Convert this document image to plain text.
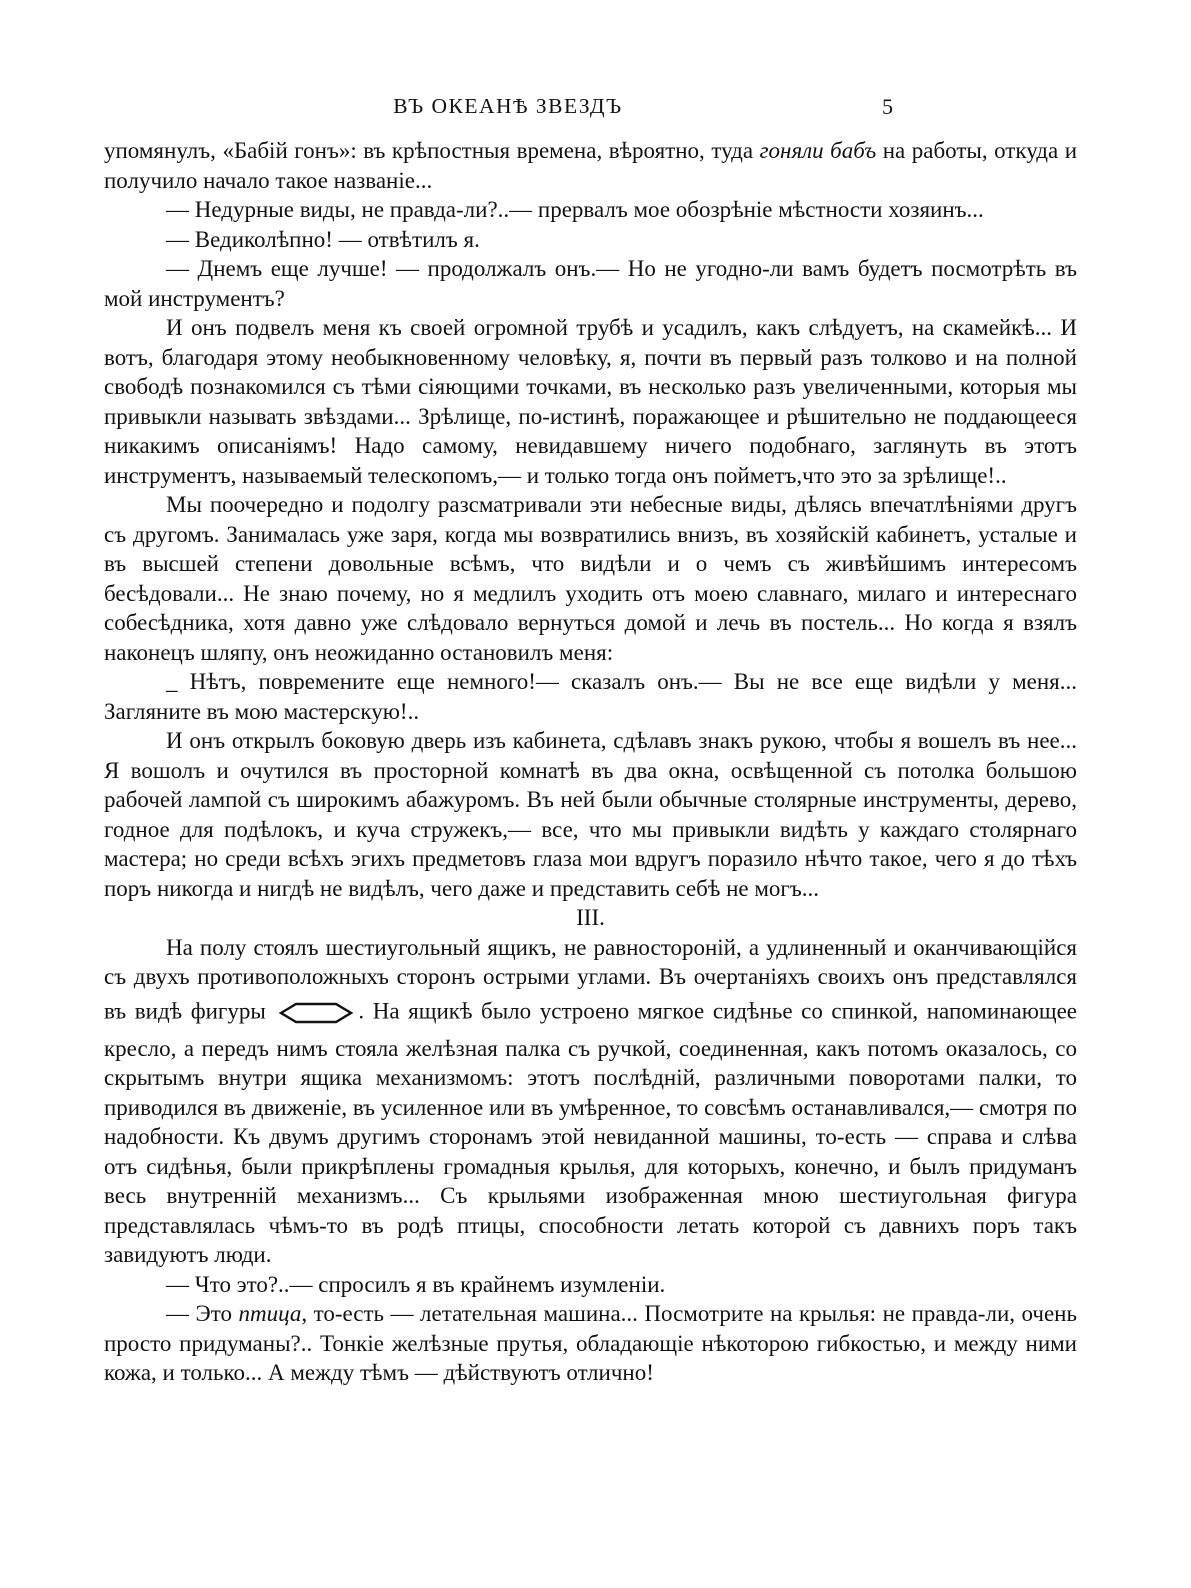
ВЪ ОКЕАНѢ ЗВЕЗДЪ	5

упомянулъ, «Бабій гонъ»: въ крѣпостныя времена, вѣроятно, туда гоняли бабъ на работы, откуда и получило начало такое названіе...

— Недурные виды, не правда-ли?..— прервалъ мое обозрѣніе мѣстности хозяинъ...

— Ведиколѣпно! — отвѣтилъ я.

— Днемъ еще лучше! — продолжалъ онъ.— Но не угодно-ли вамъ будетъ посмотрѣть въ мой инструментъ?

И онъ подвелъ меня къ своей огромной трубѣ и усадилъ, какъ слѣдуетъ, на скамейкѣ... И вотъ, благодаря этому необыкновенному человѣку, я, почти въ первый разъ толково и на полной свободѣ познакомился съ тѣми сіяющими точками, въ несколько разъ увеличенными, которыя мы привыкли называть звѣздами... Зрѣлище, по-истинѣ, поражающее и рѣшительно не поддающееся никакимъ описаніямъ! Надо самому, невидавшему ничего подобнаго, заглянуть въ этотъ инструментъ, называемый телескопомъ,— и только тогда онъ пойметъ,что это за зрѣлище!..

Мы поочередно и подолгу разсматривали эти небесные виды, дѣлясь впечатлѣніями другъ съ другомъ. Занималась уже заря, когда мы возвратились внизъ, въ хозяйскій кабинетъ, усталые и въ высшей степени довольные всѣмъ, что видѣли и о чемъ съ живѣйшимъ интересомъ бесѣдовали... Не знаю почему, но я медлилъ уходить отъ моею славнаго, милаго и интереснаго собесѣдника, хотя давно уже слѣдовало вернуться домой и лечь въ постель... Но когда я взялъ наконецъ шляпу, онъ неожиданно остановилъ меня:

_ Нѣтъ, повремените еще немного!— сказалъ онъ.— Вы не все еще видѣли у меня... Загляните въ мою мастерскую!..

И онъ открылъ боковую дверь изъ кабинета, сдѣлавъ знакъ рукою, чтобы я вошелъ въ нее... Я вошолъ и очутился въ просторной комнатѣ въ два окна, освѣщенной съ потолка большою рабочей лампой съ широкимъ абажуромъ. Въ ней были обычные столярные инструменты, дерево, годное для подѣлокъ, и куча стружекъ,— все, что мы привыкли видѣть у каждаго столярнаго мастера; но среди всѣхъ эгихъ предметовъ глаза мои вдругъ поразило нѣчто такое, чего я до тѣхъ поръ никогда и нигдѣ не видѣлъ, чего даже и представить себѣ не могъ...

III.

На полу стоялъ шестиугольный ящикъ, не равностороній, а удлиненный и оканчивающійся съ двухъ противоположныхъ сторонъ острыми углами. Въ очертаніяхъ своихъ онъ представлялся въ видѣ фигуры	. На ящикѣ было устроено мягкое сидѣнье со спинкой, напоминающее кресло, а передъ нимъ стояла желѣзная палка съ ручкой, соединенная, какъ потомъ оказалось, со скрытымъ внутри ящика механизмомъ: этотъ послѣдній, различными поворотами палки, то приводился въ движеніе, въ усиленное или въ умѣренное, то совсѣмъ останавливался,— смотря по надобности. Къ двумъ другимъ сторонамъ этой невиданной машины, то-есть — справа и слѣва отъ сидѣнья, были прикрѣплены громадныя крылья, для которыхъ, конечно, и былъ придуманъ весь внутренній механизмъ... Съ крыльями изображенная мною шестиугольная фигура представлялась чѣмъ-то въ родѣ птицы, способности летать которой съ давнихъ поръ такъ завидуютъ люди.

— Что это?..— спросилъ я въ крайнемъ изумленіи.

— Это птица, то-есть — летательная машина... Посмотрите на крылья: не правда-ли, очень просто придуманы?.. Тонкіе желѣзные прутья, обладающіе нѣкоторою гибкостью, и между ними кожа, и только... А между тѣмъ — дѣйствуютъ отлично!
